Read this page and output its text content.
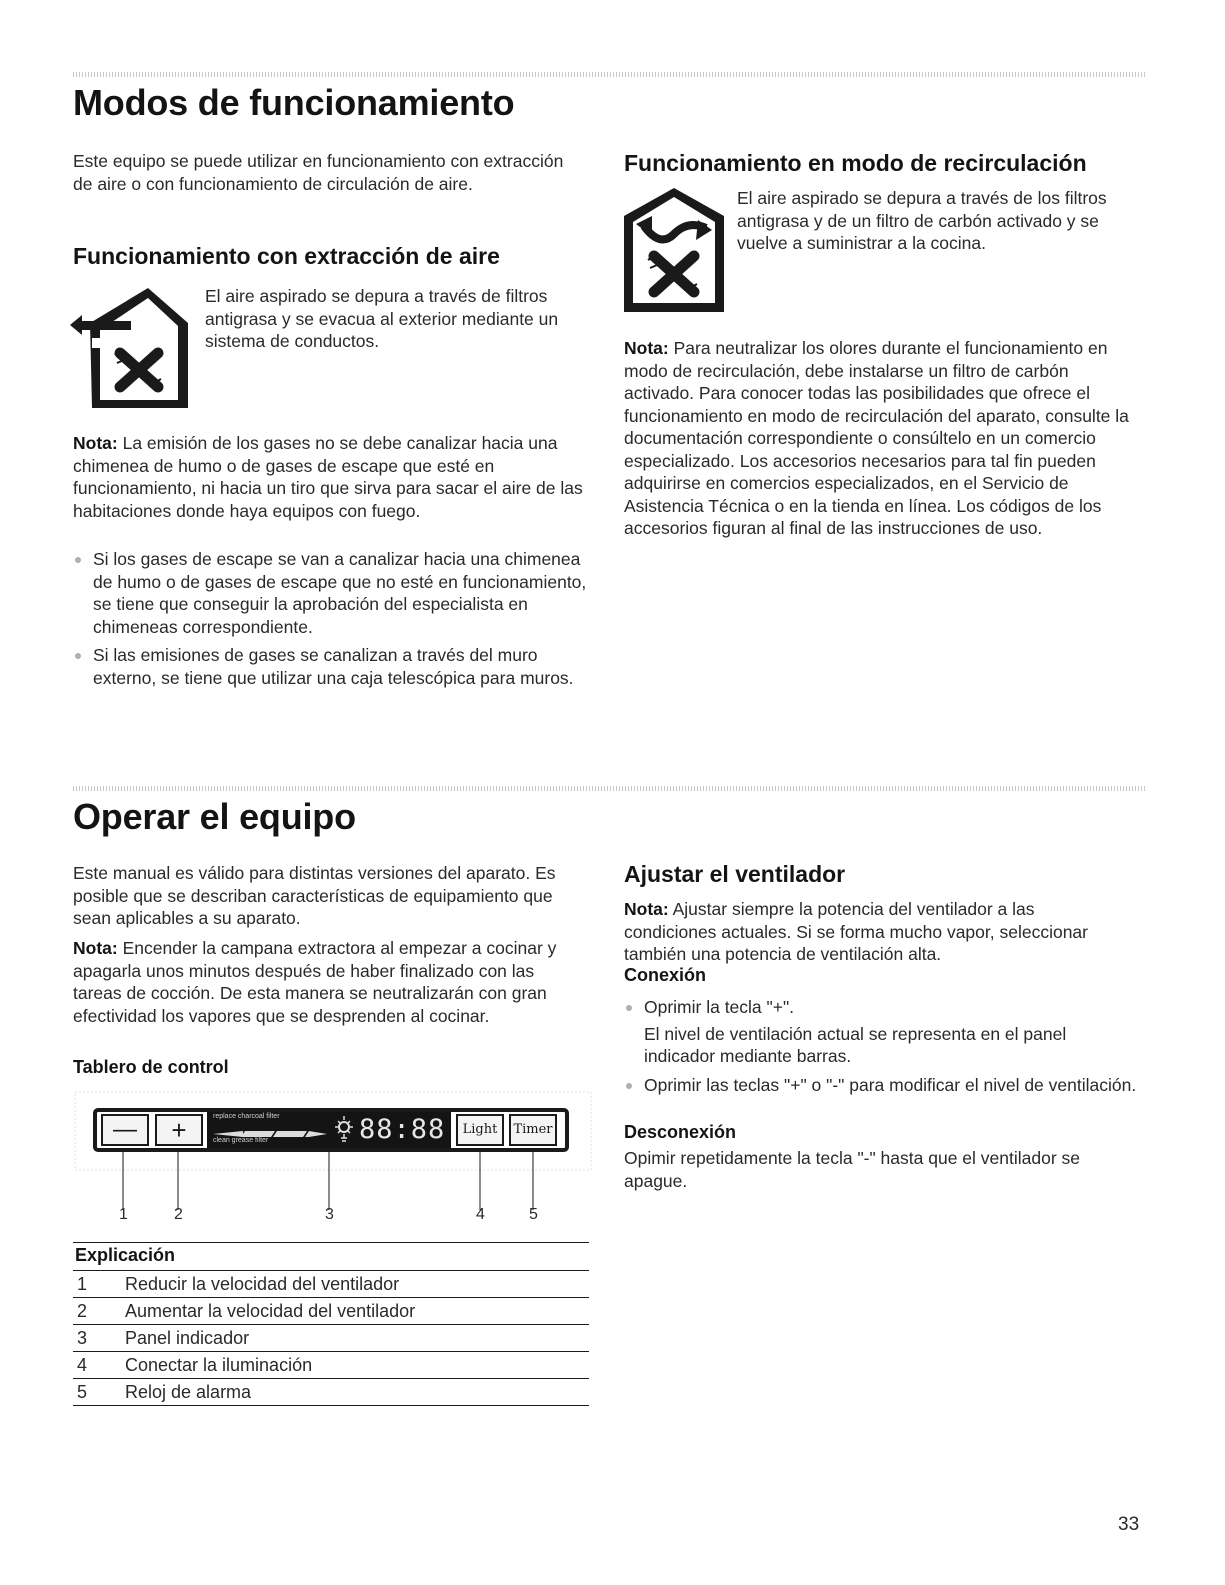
Modos de funcionamiento

Este equipo se puede utilizar en funcionamiento con extracción de aire o con funcionamiento de circulación de aire.

Funcionamiento con extracción de aire

El aire aspirado se depura a través de filtros antigrasa y se evacua al exterior mediante un sistema de conductos.

Nota: La emisión de los gases no se debe canalizar hacia una chimenea de humo o de gases de escape que esté en funcionamiento, ni hacia un tiro que sirva para sacar el aire de las habitaciones donde haya equipos con fuego.

Si los gases de escape se van a canalizar hacia una chimenea de humo o de gases de escape que no esté en funcionamiento, se tiene que conseguir la aprobación del especialista en chimeneas correspondiente.
Si las emisiones de gases se canalizan a través del muro externo, se tiene que utilizar una caja telescópica para muros.
Funcionamiento en modo de recirculación

El aire aspirado se depura a través de los filtros antigrasa y de un filtro de carbón activado y se vuelve a suministrar a la cocina.

Nota: Para neutralizar los olores durante el funcionamiento en modo de recirculación, debe instalarse un filtro de carbón activado. Para conocer todas las posibilidades que ofrece el funcionamiento en modo de recirculación del aparato, consulte la documentación correspondiente o consúltelo en un comercio especializado. Los accesorios necesarios para tal fin pueden adquirirse en comercios especializados, en el Servicio de Asistencia Técnica o en la tienda en línea. Los códigos de los accesorios figuran al final de las instrucciones de uso.

Operar el equipo

Este manual es válido para distintas versiones del aparato. Es posible que se describan características de equipamiento que sean aplicables a su aparato.

Nota: Encender la campana extractora al empezar a cocinar y apagarla unos minutos después de haber finalizado con las tareas de cocción. De esta manera se neutralizarán con gran efectividad los vapores que se desprenden al cocinar.

Tablero de control
—	+	replace charcoal filter
clean grease filter	88:88	Light	Timer
1	2	3	4	5
Explicación	
1	Reducir la velocidad del ventilador
2	Aumentar la velocidad del ventilador
3	Panel indicador
4	Conectar la iluminación
5	Reloj de alarma
Ajustar el ventilador

Nota: Ajustar siempre la potencia del ventilador a las condiciones actuales. Si se forma mucho vapor, seleccionar también una potencia de ventilación alta.

Conexión
Oprimir la tecla "+".
El nivel de ventilación actual se representa en el panel indicador mediante barras.
Oprimir las teclas "+" o "-" para modificar el nivel de ventilación.
Desconexión

Opimir repetidamente la tecla "-" hasta que el ventilador se apague.

33
